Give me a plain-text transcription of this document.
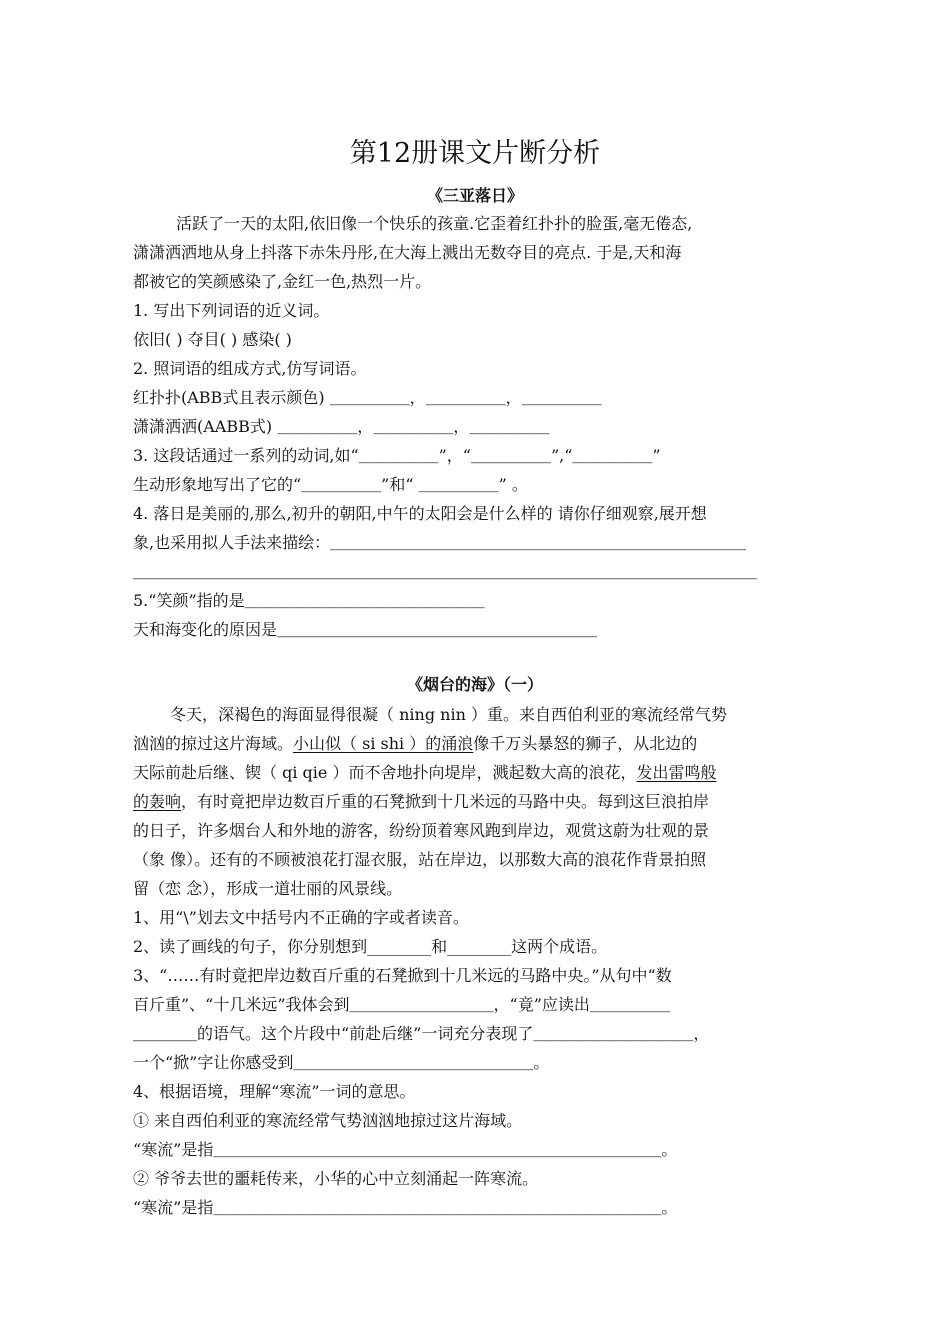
第12册课文片断分析
《三亚落日》
活跃了一天的太阳,依旧像一个快乐的孩童.它歪着红扑扑的脸蛋,毫无倦态,
潇潇洒洒地从身上抖落下赤朱丹彤,在大海上溅出无数夺目的亮点. 于是,天和海
都被它的笑颜感染了,金红一色,热烈一片。
1. 写出下列词语的近义词。
依旧( ) 夺目( ) 感染( )
2. 照词语的组成方式,仿写词语。
红扑扑(ABB式且表示颜色) ＿＿＿＿＿，＿＿＿＿＿，＿＿＿＿＿
潇潇洒洒(AABB式) ＿＿＿＿＿，＿＿＿＿＿，＿＿＿＿＿
3. 这段话通过一系列的动词,如“＿＿＿＿＿”，“＿＿＿＿＿”,“＿＿＿＿＿”
生动形象地写出了它的“＿＿＿＿＿”和“ ＿＿＿＿＿” 。
4. 落日是美丽的,那么,初升的朝阳,中午的太阳会是什么样的 请你仔细观察,展开想
象,也采用拟人手法来描绘：＿＿＿＿＿＿＿＿＿＿＿＿＿＿＿＿＿＿＿＿＿＿＿＿＿＿
＿＿＿＿＿＿＿＿＿＿＿＿＿＿＿＿＿＿＿＿＿＿＿＿＿＿＿＿＿＿＿＿＿＿＿＿＿＿＿
5.“笑颜”指的是＿＿＿＿＿＿＿＿＿＿＿＿＿＿＿
天和海变化的原因是＿＿＿＿＿＿＿＿＿＿＿＿＿＿＿＿＿＿＿＿
《烟台的海》（一）
冬天，深褐色的海面显得很凝（ ning nin ）重。来自西伯利亚的寒流经常气势
汹汹的掠过这片海域。小山似（ si shi ）的涌浪像千万头暴怒的狮子，从北边的
天际前赴后继、锲（ qi qie ）而不舍地扑向堤岸，溅起数大高的浪花，发出雷鸣般
的轰响，有时竟把岸边数百斤重的石凳掀到十几米远的马路中央。每到这巨浪拍岸
的日子，许多烟台人和外地的游客，纷纷顶着寒风跑到岸边，观赏这蔚为壮观的景
（象 像）。还有的不顾被浪花打湿衣服，站在岸边，以那数大高的浪花作背景拍照
留（恋 念），形成一道壮丽的风景线。
1、用“\”划去文中括号内不正确的字或者读音。
2、读了画线的句子，你分别想到________和________这两个成语。
3、“……有时竟把岸边数百斤重的石凳掀到十几米远的马路中央。”从句中“数
百斤重”、“十几米远”我体会到＿＿＿＿＿＿＿＿＿，“竟”应读出＿＿＿＿＿
＿＿＿＿的语气。这个片段中“前赴后继”一词充分表现了＿＿＿＿＿＿＿＿＿＿，
一个“掀”字让你感受到＿＿＿＿＿＿＿＿＿＿＿＿＿＿＿。
4、根据语境，理解“寒流”一词的意思。
① 来自西伯利亚的寒流经常气势汹汹地掠过这片海域。
“寒流”是指＿＿＿＿＿＿＿＿＿＿＿＿＿＿＿＿＿＿＿＿＿＿＿＿＿＿＿＿。
② 爷爷去世的噩耗传来，小华的心中立刻涌起一阵寒流。
“寒流”是指＿＿＿＿＿＿＿＿＿＿＿＿＿＿＿＿＿＿＿＿＿＿＿＿＿＿＿＿。
